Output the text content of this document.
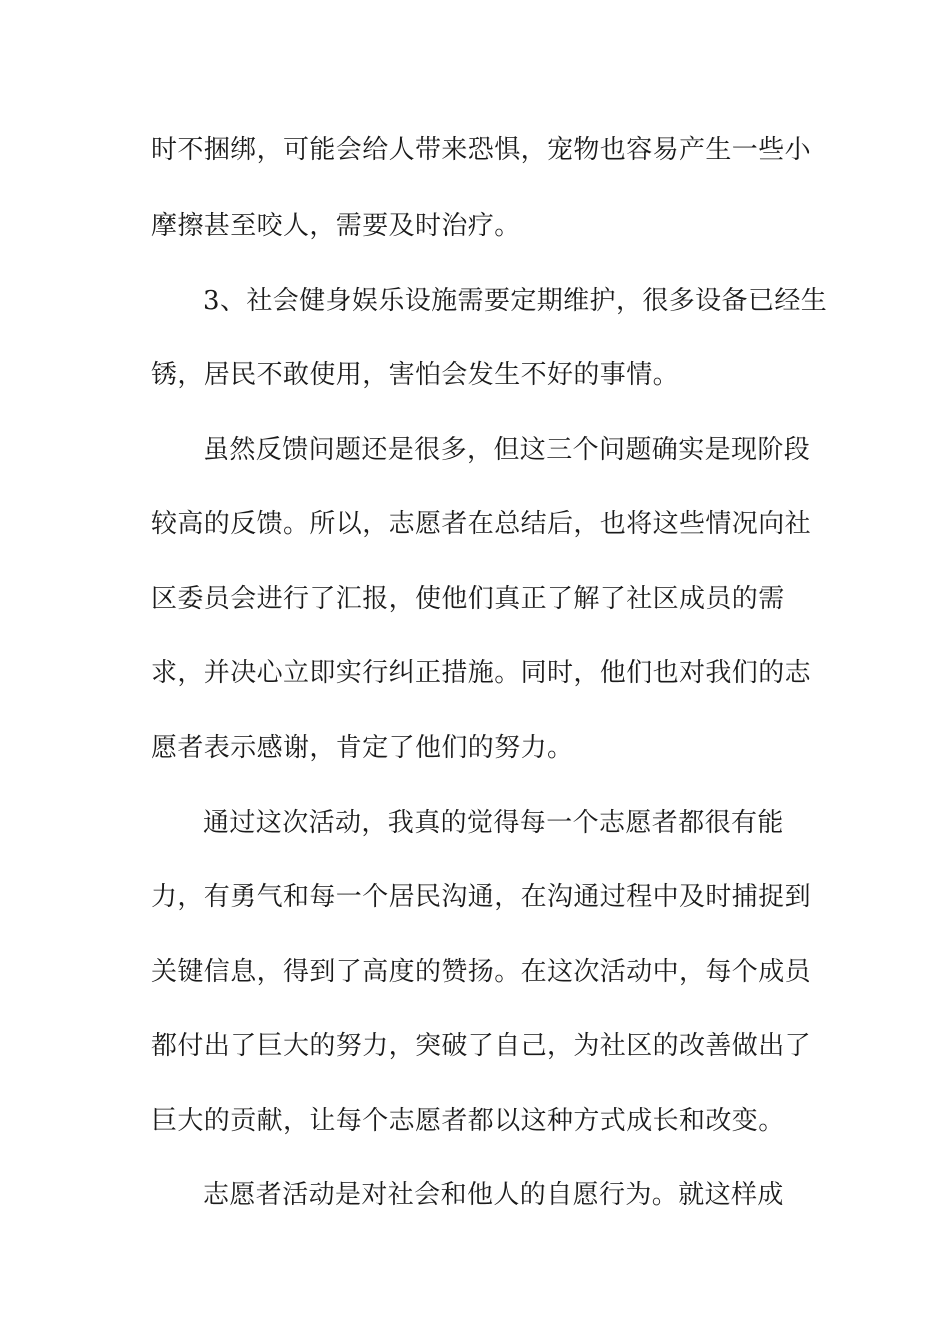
时不捆绑，可能会给人带来恐惧，宠物也容易产生一些小
摩擦甚至咬人，需要及时治疗。
3、社会健身娱乐设施需要定期维护，很多设备已经生
锈，居民不敢使用，害怕会发生不好的事情。
虽然反馈问题还是很多，但这三个问题确实是现阶段
较高的反馈。所以，志愿者在总结后，也将这些情况向社
区委员会进行了汇报，使他们真正了解了社区成员的需
求，并决心立即实行纠正措施。同时，他们也对我们的志
愿者表示感谢，肯定了他们的努力。
通过这次活动，我真的觉得每一个志愿者都很有能
力，有勇气和每一个居民沟通，在沟通过程中及时捕捉到
关键信息，得到了高度的赞扬。在这次活动中，每个成员
都付出了巨大的努力，突破了自己，为社区的改善做出了
巨大的贡献，让每个志愿者都以这种方式成长和改变。
志愿者活动是对社会和他人的自愿行为。就这样成
